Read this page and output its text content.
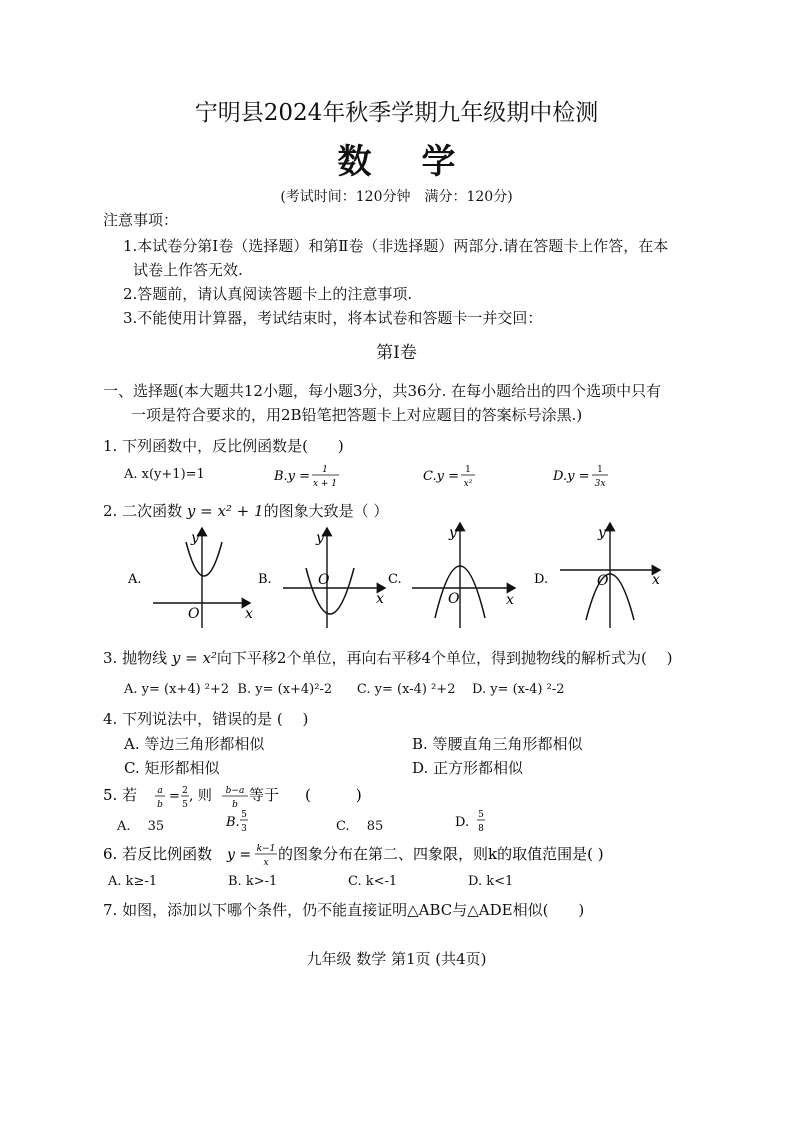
宁明县2024年秋季学期九年级期中检测
数学
(考试时间：120分钟　满分：120分)
注意事项：
1.本试卷分第Ⅰ卷（选择题）和第Ⅱ卷（非选择题）两部分.请在答题卡上作答，在本
试卷上作答无效.
2.答题前，请认真阅读答题卡上的注意事项.
3.不能使用计算器，考试结束时，将本试卷和答题卡一并交回：
第Ⅰ卷
一、选择题(本大题共12小题，每小题3分，共36分. 在每小题给出的四个选项中只有
一项是符合要求的，用2B铅笔把答题卡上对应题目的答案标号涂黑.)
1. 下列函数中，反比例函数是(　　)
A. x(y+1)=1	B.y = 1
x + 1	C.y = 1
x²	D.y = 1
3x
2. 二次函数 y = x² + 1的图象大致是（ ）
A.
y
x
O
B.
y
x
O	C.
y
x
O
D.
y
x
O
3. 抛物线 y = x²向下平移2个单位，再向右平移4个单位，得到抛物线的解析式为(　 )
A. y= (x+4) ²+2  B. y= (x+4)²-2      C. y= (x-4) ²+2    D. y= (x-4) ²-2
4. 下列说法中，错误的是 (　 )
A. 等边三角形都相似	B. 等腰直角三角形都相似
C. 矩形都相似	D. 正方形都相似
5. 若 a
b
= 2
5
, 则 b−a
b
等于 (　　　)
A.　 35	B. 5
3	C.　 85	D. 5
8
6. 若反比例函数 y = k−1
x 的图象分布在第二、四象限，则k的取值范围是( )
A. k≥-1	B. k>-1	C. k<-1	D. k<1
7. 如图，添加以下哪个条件，仍不能直接证明△ABC与△ADE相似(　　)
九年级 数学 第1页 (共4页)
